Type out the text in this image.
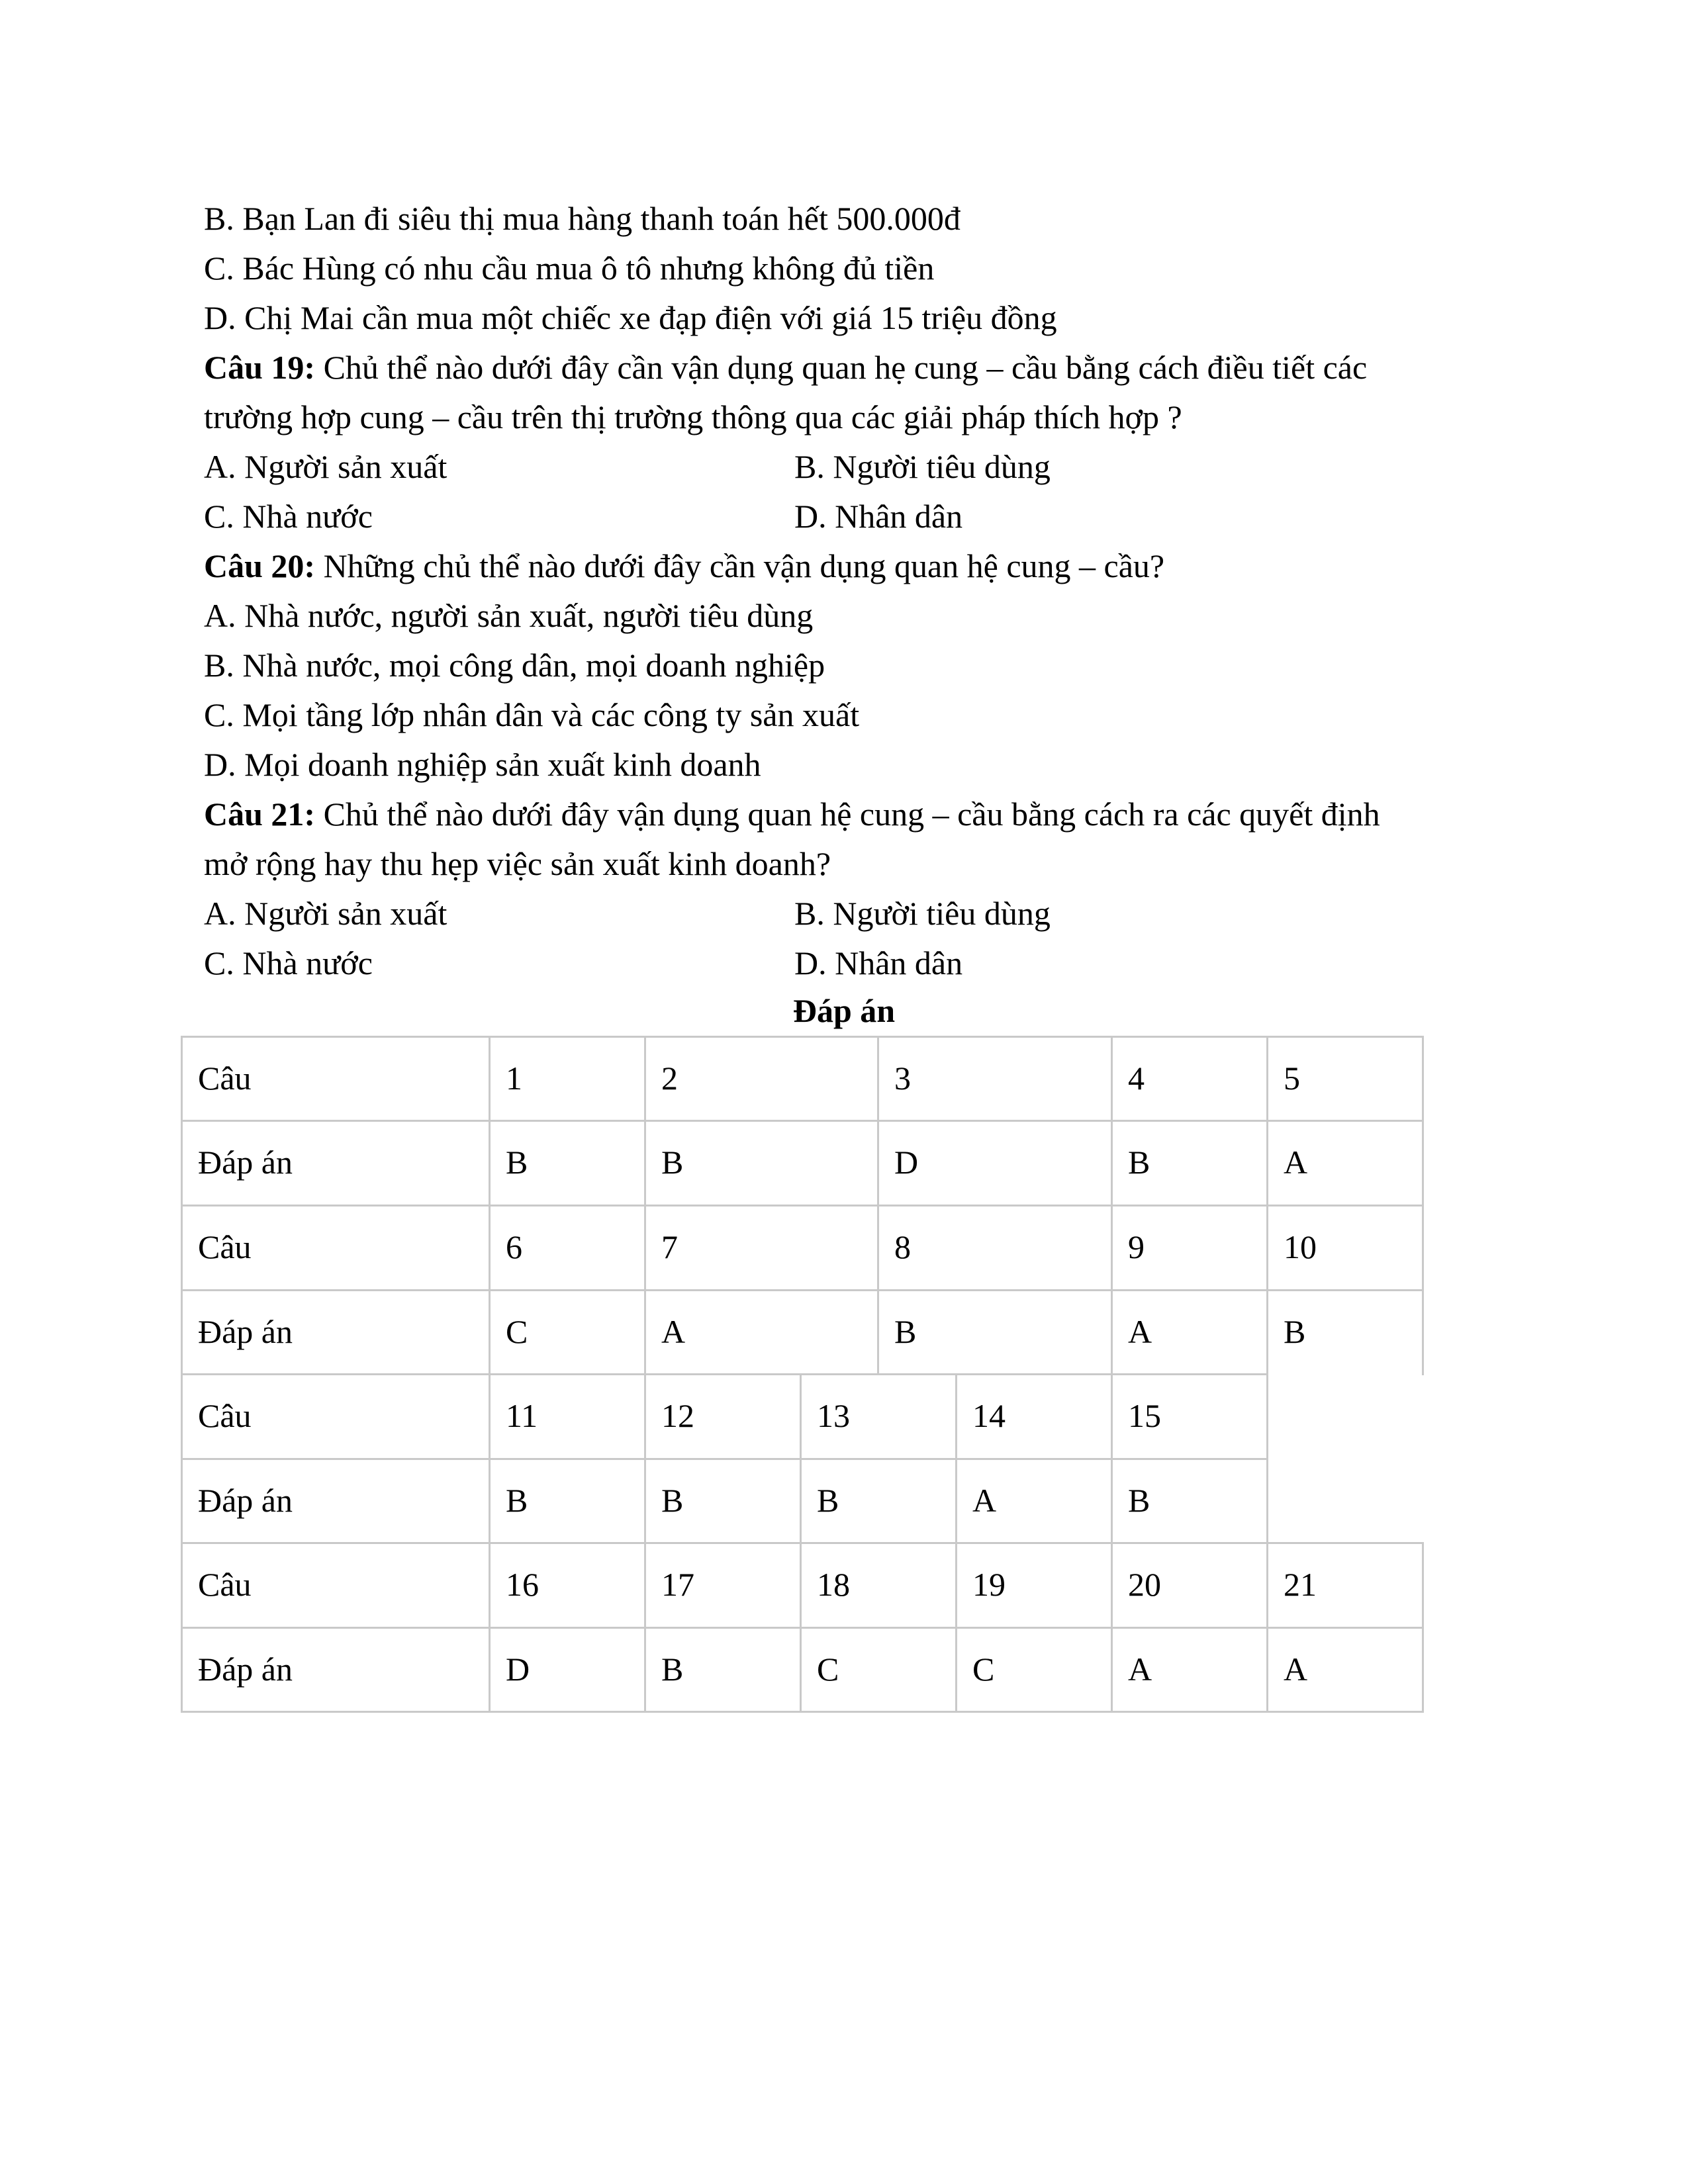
B. Bạn Lan đi siêu thị mua hàng thanh toán hết 500.000đ
C. Bác Hùng có nhu cầu mua ô tô nhưng không đủ tiền
D. Chị Mai cần mua một chiếc xe đạp điện với giá 15 triệu đồng
Câu 19: Chủ thể nào dưới đây cần vận dụng quan hẹ cung – cầu bằng cách điều tiết các
trường hợp cung – cầu trên thị trường thông qua các giải pháp thích hợp ?
A. Người sản xuất	B. Người tiêu dùng
C. Nhà nước	D. Nhân dân
Câu 20: Những chủ thể nào dưới đây cần vận dụng quan hệ cung – cầu?
A. Nhà nước, người sản xuất, người tiêu dùng
B. Nhà nước, mọi công dân, mọi doanh nghiệp
C. Mọi tầng lớp nhân dân và các công ty sản xuất
D. Mọi doanh nghiệp sản xuất kinh doanh
Câu 21: Chủ thể nào dưới đây vận dụng quan hệ cung – cầu bằng cách ra các quyết định
mở rộng hay thu hẹp việc sản xuất kinh doanh?
A. Người sản xuất	B. Người tiêu dùng
C. Nhà nước	D. Nhân dân
Đáp án
Câu	1	2	3	4	5
Đáp án	B	B	D	B	A
Câu	6	7	8	9	10
Đáp án	C	A	B	A	B
Câu	11	12	13	14	15
Đáp án	B	B	B	A	B
Câu	16	17	18	19	20	21
Đáp án	D	B	C	C	A	A
